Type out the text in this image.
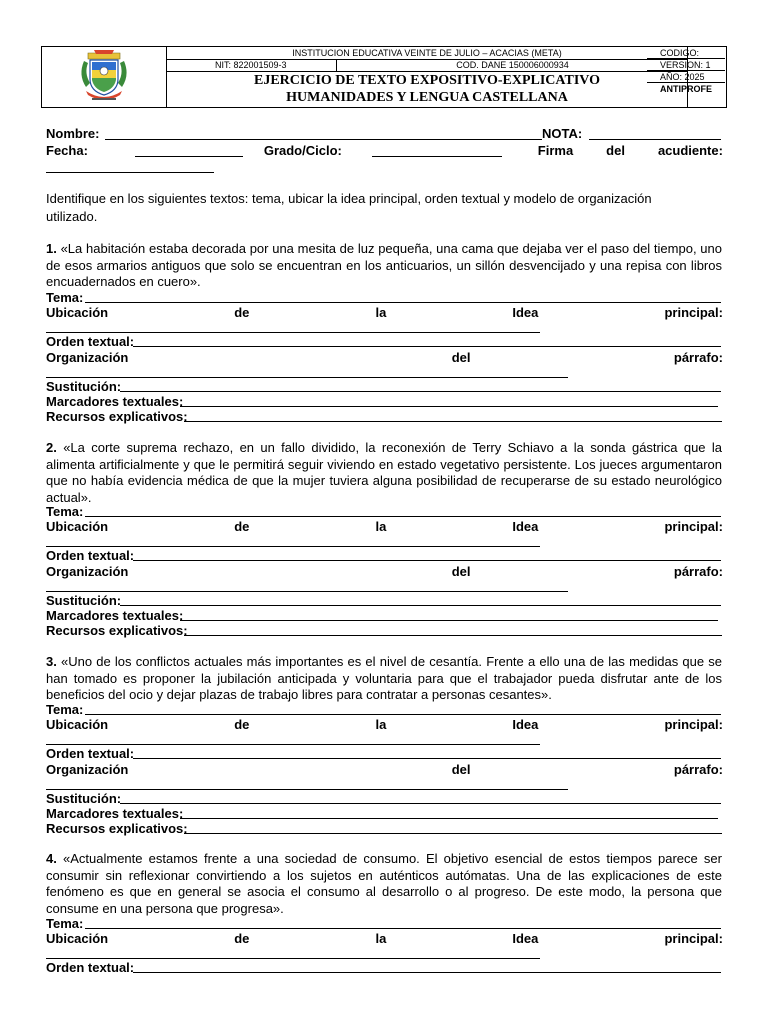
INSTITUCION EDUCATIVA VEINTE DE JULIO – ACACIAS (META)
NIT: 822001509-3	COD. DANE 150006000934
EJERCICIO DE TEXTO EXPOSITIVO-EXPLICATIVO
HUMANIDADES Y LENGUA CASTELLANA
CODIGO:
VERSION: 1
AÑO: 2025
ANTIPROFE
Nombre:	NOTA:
Fecha:	Grado/Ciclo:	Firma	del	acudiente:
Identifique en los siguientes textos: tema, ubicar la idea principal, orden textual y modelo de organización utilizado.
1. «La habitación estaba decorada por una mesita de luz pequeña, una cama que dejaba ver el paso del tiempo, uno de esos armarios antiguos que solo se encuentran en los anticuarios, un sillón desvencijado y una repisa con libros encuadernados en cuero».
Tema:
Ubicación	de	la	Idea	principal:
Orden textual:
Organización	del	párrafo:
Sustitución:
Marcadores textuales:
Recursos explicativos:
2. «La corte suprema rechazo, en un fallo dividido, la reconexión de Terry Schiavo a la sonda gástrica que la alimenta artificialmente y que le permitirá seguir viviendo en estado vegetativo persistente. Los jueces argumentaron que no había evidencia médica de que la mujer tuviera alguna posibilidad de recuperarse de su estado neurológico actual».
Tema:
Ubicación	de	la	Idea	principal:
Orden textual:
Organización	del	párrafo:
Sustitución:
Marcadores textuales:
Recursos explicativos:
3. «Uno de los conflictos actuales más importantes es el nivel de cesantía. Frente a ello una de las medidas que se han tomado es proponer la jubilación anticipada y voluntaria para que el trabajador pueda disfrutar ante de los beneficios del ocio y dejar plazas de trabajo libres para contratar a personas cesantes».
Tema:
Ubicación	de	la	Idea	principal:
Orden textual:
Organización	del	párrafo:
Sustitución:
Marcadores textuales:
Recursos explicativos:
4. «Actualmente estamos frente a una sociedad de consumo. El objetivo esencial de estos tiempos parece ser consumir sin reflexionar convirtiendo a los sujetos en auténticos autómatas. Una de las explicaciones de este fenómeno es que en general se asocia el consumo al desarrollo o al progreso. De este modo, la persona que consume en una persona que progresa».
Tema:
Ubicación	de	la	Idea	principal:
Orden textual:
